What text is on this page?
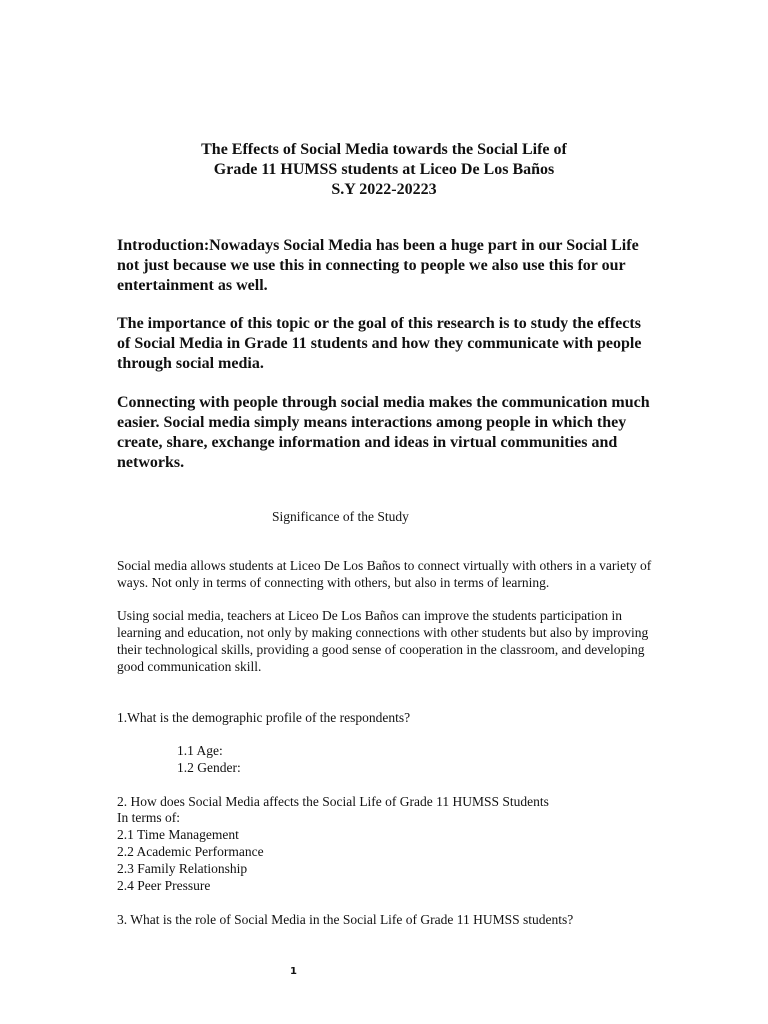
The Effects of Social Media towards the Social Life of
Grade 11 HUMSS students at Liceo De Los Baños
S.Y 2022-20223

Introduction:Nowadays Social Media has been a huge part in our Social Life not just because we use this in connecting to people we also use this for our entertainment as well.

The importance of this topic or the goal of this research is to study the effects of Social Media in Grade 11 students and how they communicate with people through social media.

Connecting with people through social media makes the communication much easier. Social media simply means interactions among people in which they create, share, exchange information and ideas in virtual communities and networks.

Significance of the Study

Social media allows students at Liceo De Los Baños to connect virtually with others in a variety of ways. Not only in terms of connecting with others, but also in terms of learning.

Using social media, teachers at Liceo De Los Baños can improve the students participation in learning and education, not only by making connections with other students but also by improving their technological skills, providing a good sense of cooperation in the classroom, and developing good communication skill.

1.What is the demographic profile of the respondents?
1.1 Age:
1.2 Gender:
2. How does Social Media affects the Social Life of Grade 11 HUMSS Students
In terms of:
2.1 Time Management
2.2 Academic Performance
2.3 Family Relationship
2.4 Peer Pressure
3. What is the role of Social Media in the Social Life of Grade 11 HUMSS students?
1
